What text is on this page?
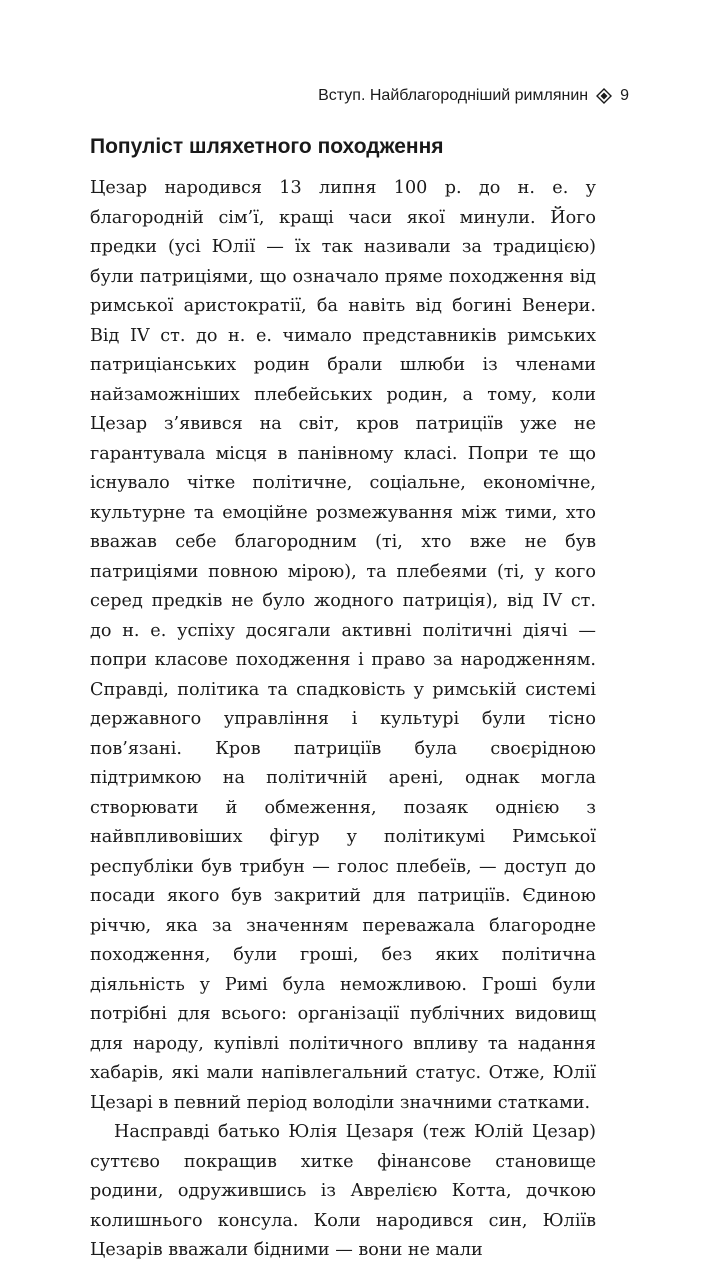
Вступ. Найблагородніший римлянин 9
Популіст шляхетного походження

Цезар народився 13 липня 100 р. до н. е. у благородній сім’ї, кращі часи якої минули. Його предки (усі Юлії — їх так називали за традицією) були патриціями, що означало пряме походження від римської аристократії, ба навіть від богині Венери. Від IV ст. до н. е. чимало представників римських патриціанських родин брали шлюби із членами найзаможніших плебейських родин, а тому, коли Цезар з’явився на світ, кров патриціїв уже не гарантувала місця в панівному класі. Попри те що існувало чітке політичне, соціальне, економічне, культурне та емоційне розмежування між тими, хто вважав себе благородним (ті, хто вже не був патриціями повною мірою), та плебеями (ті, у кого серед предків не було жодного патриція), від IV ст. до н. е. успіху досягали активні політичні діячі — попри класове походження і право за народженням. Справді, політика та спадковість у римській системі державного управління і культурі були тісно пов’язані. Кров патриціїв була своєрідною підтримкою на політичній арені, однак могла створювати й обмеження, позаяк однією з найвпливовіших фігур у політикумі Римської республіки був трибун — голос плебеїв, — доступ до посади якого був закритий для патриціїв. Єдиною річчю, яка за значенням переважала благородне походження, були гроші, без яких політична діяльність у Римі була неможливою. Гроші були потрібні для всього: організації публічних видовищ для народу, купівлі політичного впливу та надання хабарів, які мали напівлегальний статус. Отже, Юлії Цезарі в певний період володіли значними статками.

Насправді батько Юлія Цезаря (теж Юлій Цезар) суттєво покращив хитке фінансове становище родини, одружившись із Аврелією Котта, дочкою колишнього консула. Коли народився син, Юліїв Цезарів вважали бідними — вони не мали
